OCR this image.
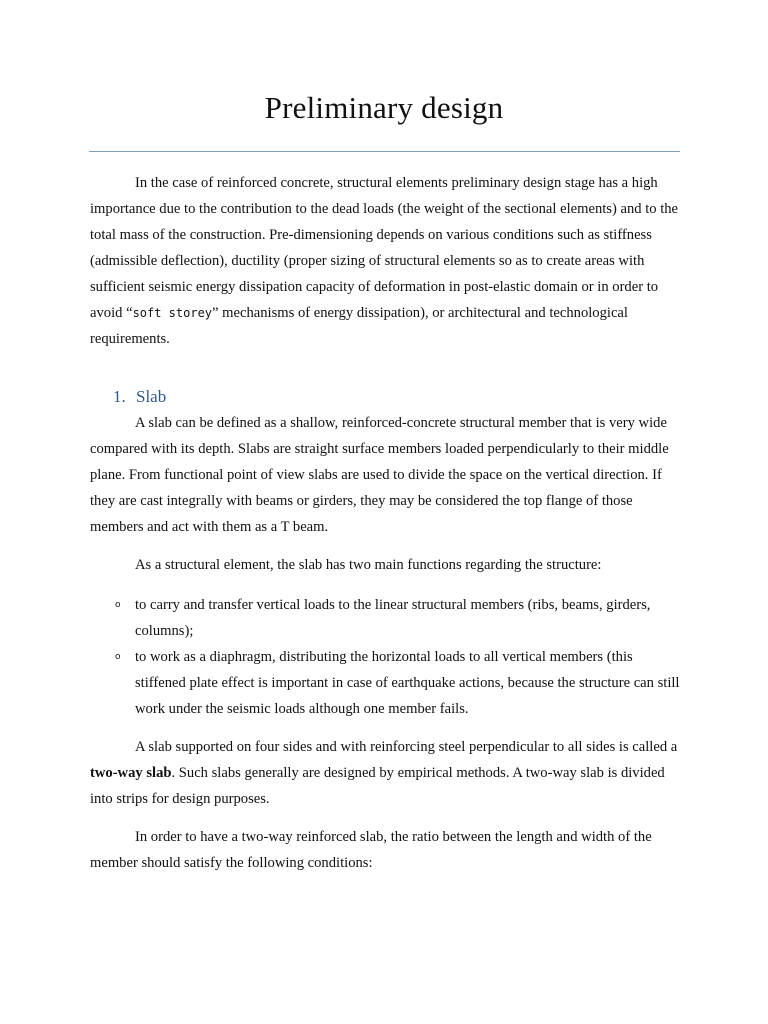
Preliminary design

In the case of reinforced concrete, structural elements preliminary design stage has a high importance due to the contribution to the dead loads (the weight of the sectional elements) and to the total mass of the construction. Pre-dimensioning depends on various conditions such as stiffness (admissible deflection), ductility (proper sizing of structural elements so as to create areas with sufficient seismic energy dissipation capacity of deformation in post-elastic domain or in order to avoid “soft storey” mechanisms of energy dissipation), or architectural and technological requirements.

1. Slab

A slab can be defined as a shallow, reinforced-concrete structural member that is very wide compared with its depth. Slabs are straight surface members loaded perpendicularly to their middle plane. From functional point of view slabs are used to divide the space on the vertical direction. If they are cast integrally with beams or girders, they may be considered the top flange of those members and act with them as a T beam.

As a structural element, the slab has two main functions regarding the structure:

o to carry and transfer vertical loads to the linear structural members (ribs, beams, girders, columns);
o to work as a diaphragm, distributing the horizontal loads to all vertical members (this stiffened plate effect is important in case of earthquake actions, because the structure can still work under the seismic loads although one member fails.

A slab supported on four sides and with reinforcing steel perpendicular to all sides is called a two-way slab. Such slabs generally are designed by empirical methods. A two-way slab is divided into strips for design purposes.

In order to have a two-way reinforced slab, the ratio between the length and width of the member should satisfy the following conditions:
